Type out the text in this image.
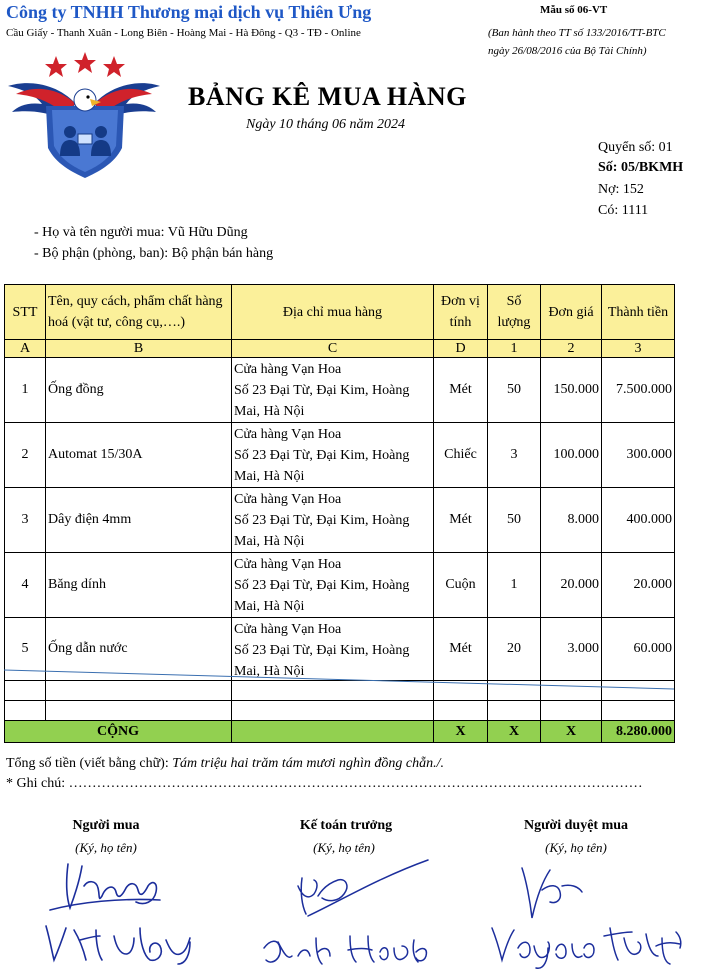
Công ty TNHH Thương mại dịch vụ Thiên Ưng
Cầu Giấy - Thanh Xuân - Long Biên - Hoàng Mai - Hà Đông - Q3 - TĐ - Online
Mẫu số 06-VT
(Ban hành theo TT số 133/2016/TT-BTC
ngày 26/08/2016 của Bộ Tài Chính)
BẢNG KÊ MUA HÀNG
Ngày 10 tháng 06 năm 2024
Quyển số: 01
Số: 05/BKMH
Nợ: 152
Có: 1111
- Họ và tên người mua: Vũ Hữu Dũng
- Bộ phận (phòng, ban): Bộ phận bán hàng
STT	Tên, quy cách, phẩm chất hàng hoá (vật tư, công cụ,….)	Địa chỉ mua hàng	Đơn vị tính	Số lượng	Đơn giá	Thành tiền
A	B	C	D	1	2	3
1	Ống đồng	Cửa hàng Vạn Hoa
Số 23 Đại Từ, Đại Kim, Hoàng
Mai, Hà Nội	Mét	50	150.000	7.500.000
2	Automat 15/30A	Cửa hàng Vạn Hoa
Số 23 Đại Từ, Đại Kim, Hoàng
Mai, Hà Nội	Chiếc	3	100.000	300.000
3	Dây điện 4mm	Cửa hàng Vạn Hoa
Số 23 Đại Từ, Đại Kim, Hoàng
Mai, Hà Nội	Mét	50	8.000	400.000
4	Băng dính	Cửa hàng Vạn Hoa
Số 23 Đại Từ, Đại Kim, Hoàng
Mai, Hà Nội	Cuộn	1	20.000	20.000
5	Ống dẫn nước	Cửa hàng Vạn Hoa
Số 23 Đại Từ, Đại Kim, Hoàng
Mai, Hà Nội	Mét	20	3.000	60.000

CỘNG			X	X	X	8.280.000
Tổng số tiền (viết bằng chữ): Tám triệu hai trăm tám mươi nghìn đồng chẵn./.
* Ghi chú: ……………………………………………………………………………………………………………
Người mua
(Ký, họ tên)
Kế toán trưởng
(Ký, họ tên)
Người duyệt mua
(Ký, họ tên)
